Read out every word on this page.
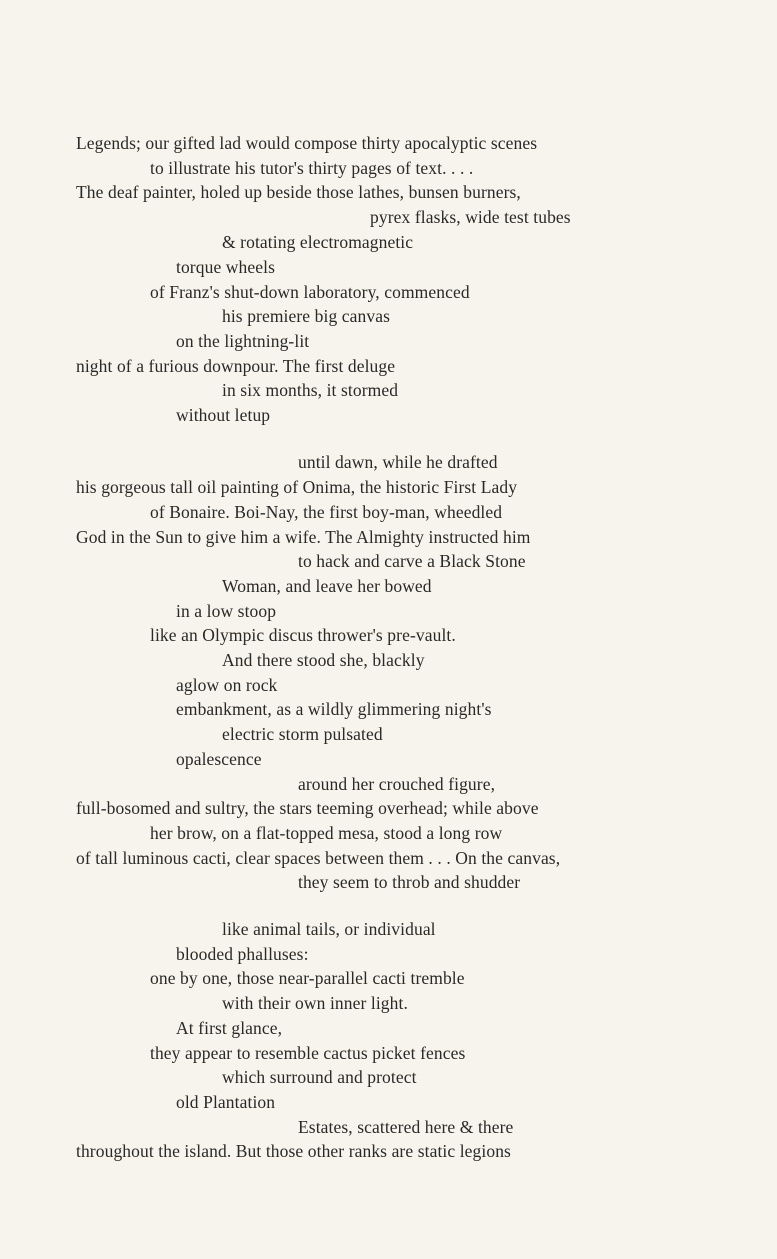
Legends; our gifted lad would compose thirty apocalyptic scenes
to illustrate his tutor's thirty pages of text. . . .
The deaf painter, holed up beside those lathes, bunsen burners,
pyrex flasks, wide test tubes
& rotating electromagnetic
torque wheels
of Franz's shut-down laboratory, commenced
his premiere big canvas
on the lightning-lit
night of a furious downpour. The first deluge
in six months, it stormed
without letup
until dawn, while he drafted
his gorgeous tall oil painting of Onima, the historic First Lady
of Bonaire. Boi-Nay, the first boy-man, wheedled
God in the Sun to give him a wife. The Almighty instructed him
to hack and carve a Black Stone
Woman, and leave her bowed
in a low stoop
like an Olympic discus thrower's pre-vault.
And there stood she, blackly
aglow on rock
embankment, as a wildly glimmering night's
electric storm pulsated
opalescence
around her crouched figure,
full-bosomed and sultry, the stars teeming overhead; while above
her brow, on a flat-topped mesa, stood a long row
of tall luminous cacti, clear spaces between them . . . On the canvas,
they seem to throb and shudder
like animal tails, or individual
blooded phalluses:
one by one, those near-parallel cacti tremble
with their own inner light.
At first glance,
they appear to resemble cactus picket fences
which surround and protect
old Plantation
Estates, scattered here & there
throughout the island. But those other ranks are static legions
